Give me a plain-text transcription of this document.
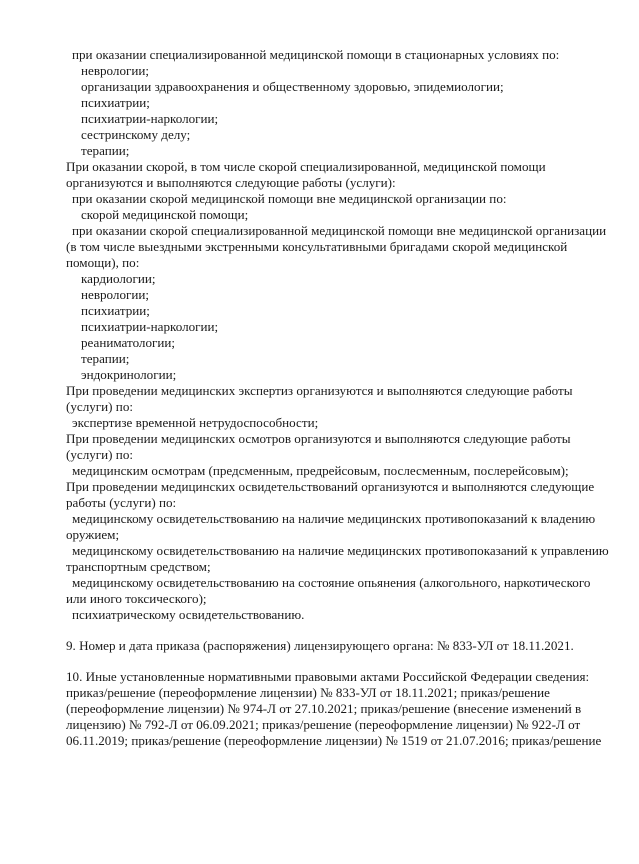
при оказании специализированной медицинской помощи в стационарных условиях по:
неврологии;
организации здравоохранения и общественному здоровью, эпидемиологии;
психиатрии;
психиатрии-наркологии;
сестринскому делу;
терапии;
При оказании скорой, в том числе скорой специализированной, медицинской помощи
организуются и выполняются следующие работы (услуги):
при оказании скорой медицинской помощи вне медицинской организации по:
скорой медицинской помощи;
при оказании скорой специализированной медицинской помощи вне медицинской организации
(в том числе выездными экстренными консультативными бригадами скорой медицинской
помощи), по:
кардиологии;
неврологии;
психиатрии;
психиатрии-наркологии;
реаниматологии;
терапии;
эндокринологии;
При проведении медицинских экспертиз организуются и выполняются следующие работы
(услуги) по:
экспертизе временной нетрудоспособности;
При проведении медицинских осмотров организуются и выполняются следующие работы
(услуги) по:
медицинским осмотрам (предсменным, предрейсовым, послесменным, послерейсовым);
При проведении медицинских освидетельствований организуются и выполняются следующие
работы (услуги) по:
медицинскому освидетельствованию на наличие медицинских противопоказаний к владению
оружием;
медицинскому освидетельствованию на наличие медицинских противопоказаний к управлению
транспортным средством;
медицинскому освидетельствованию на состояние опьянения (алкогольного, наркотического
или иного токсического);
психиатрическому освидетельствованию.
9. Номер и дата приказа (распоряжения) лицензирующего органа: № 833-УЛ от 18.11.2021.
10. Иные установленные нормативными правовыми актами Российской Федерации сведения:
приказ/решение (переоформление лицензии) № 833-УЛ от 18.11.2021; приказ/решение
(переоформление лицензии) № 974-Л от 27.10.2021; приказ/решение (внесение изменений в
лицензию) № 792-Л от 06.09.2021; приказ/решение (переоформление лицензии) № 922-Л от
06.11.2019; приказ/решение (переоформление лицензии) № 1519 от 21.07.2016; приказ/решение
